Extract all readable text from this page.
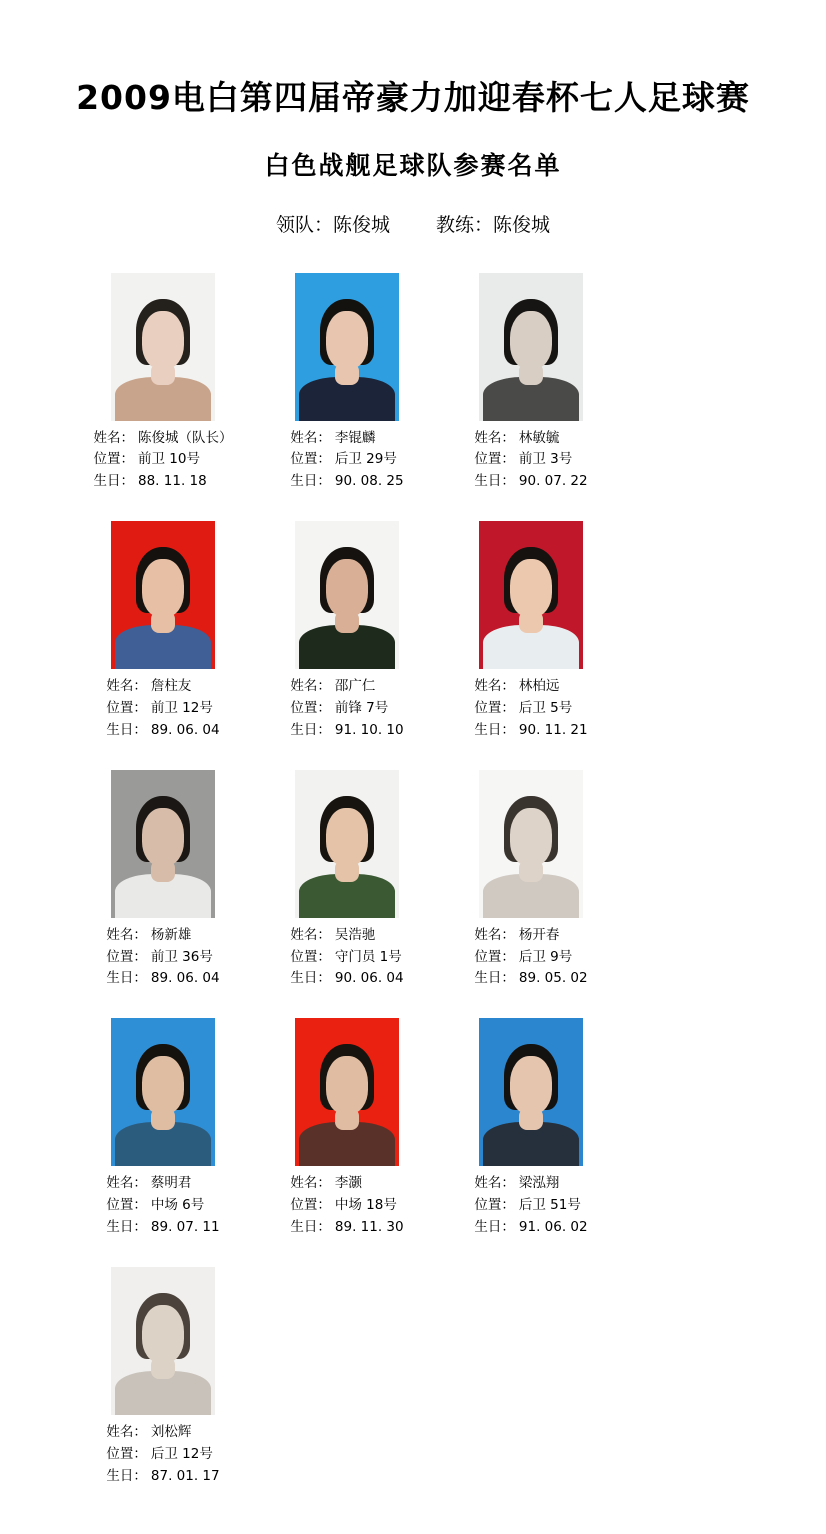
2009电白第四届帝豪力加迎春杯七人足球赛
白色战舰足球队参赛名单
领队：陈俊城 教练：陈俊城
姓名： 陈俊城（队长）
位置： 前卫 10号
生日： 88. 11. 18
姓名： 李锟麟
位置： 后卫 29号
生日： 90. 08. 25
姓名： 林敏毓
位置： 前卫 3号
生日： 90. 07. 22
姓名： 詹柱友
位置： 前卫 12号
生日： 89. 06. 04
姓名： 邵广仁
位置： 前锋 7号
生日： 91. 10. 10
姓名： 林柏远
位置： 后卫 5号
生日： 90. 11. 21
姓名： 杨新雄
位置： 前卫 36号
生日： 89. 06. 04
姓名： 吴浩驰
位置： 守门员 1号
生日： 90. 06. 04
姓名： 杨开春
位置： 后卫 9号
生日： 89. 05. 02
姓名： 蔡明君
位置： 中场 6号
生日： 89. 07. 11
姓名： 李灏
位置： 中场 18号
生日： 89. 11. 30
姓名： 梁泓翔
位置： 后卫 51号
生日： 91. 06. 02
姓名： 刘松辉
位置： 后卫 12号
生日： 87. 01. 17
